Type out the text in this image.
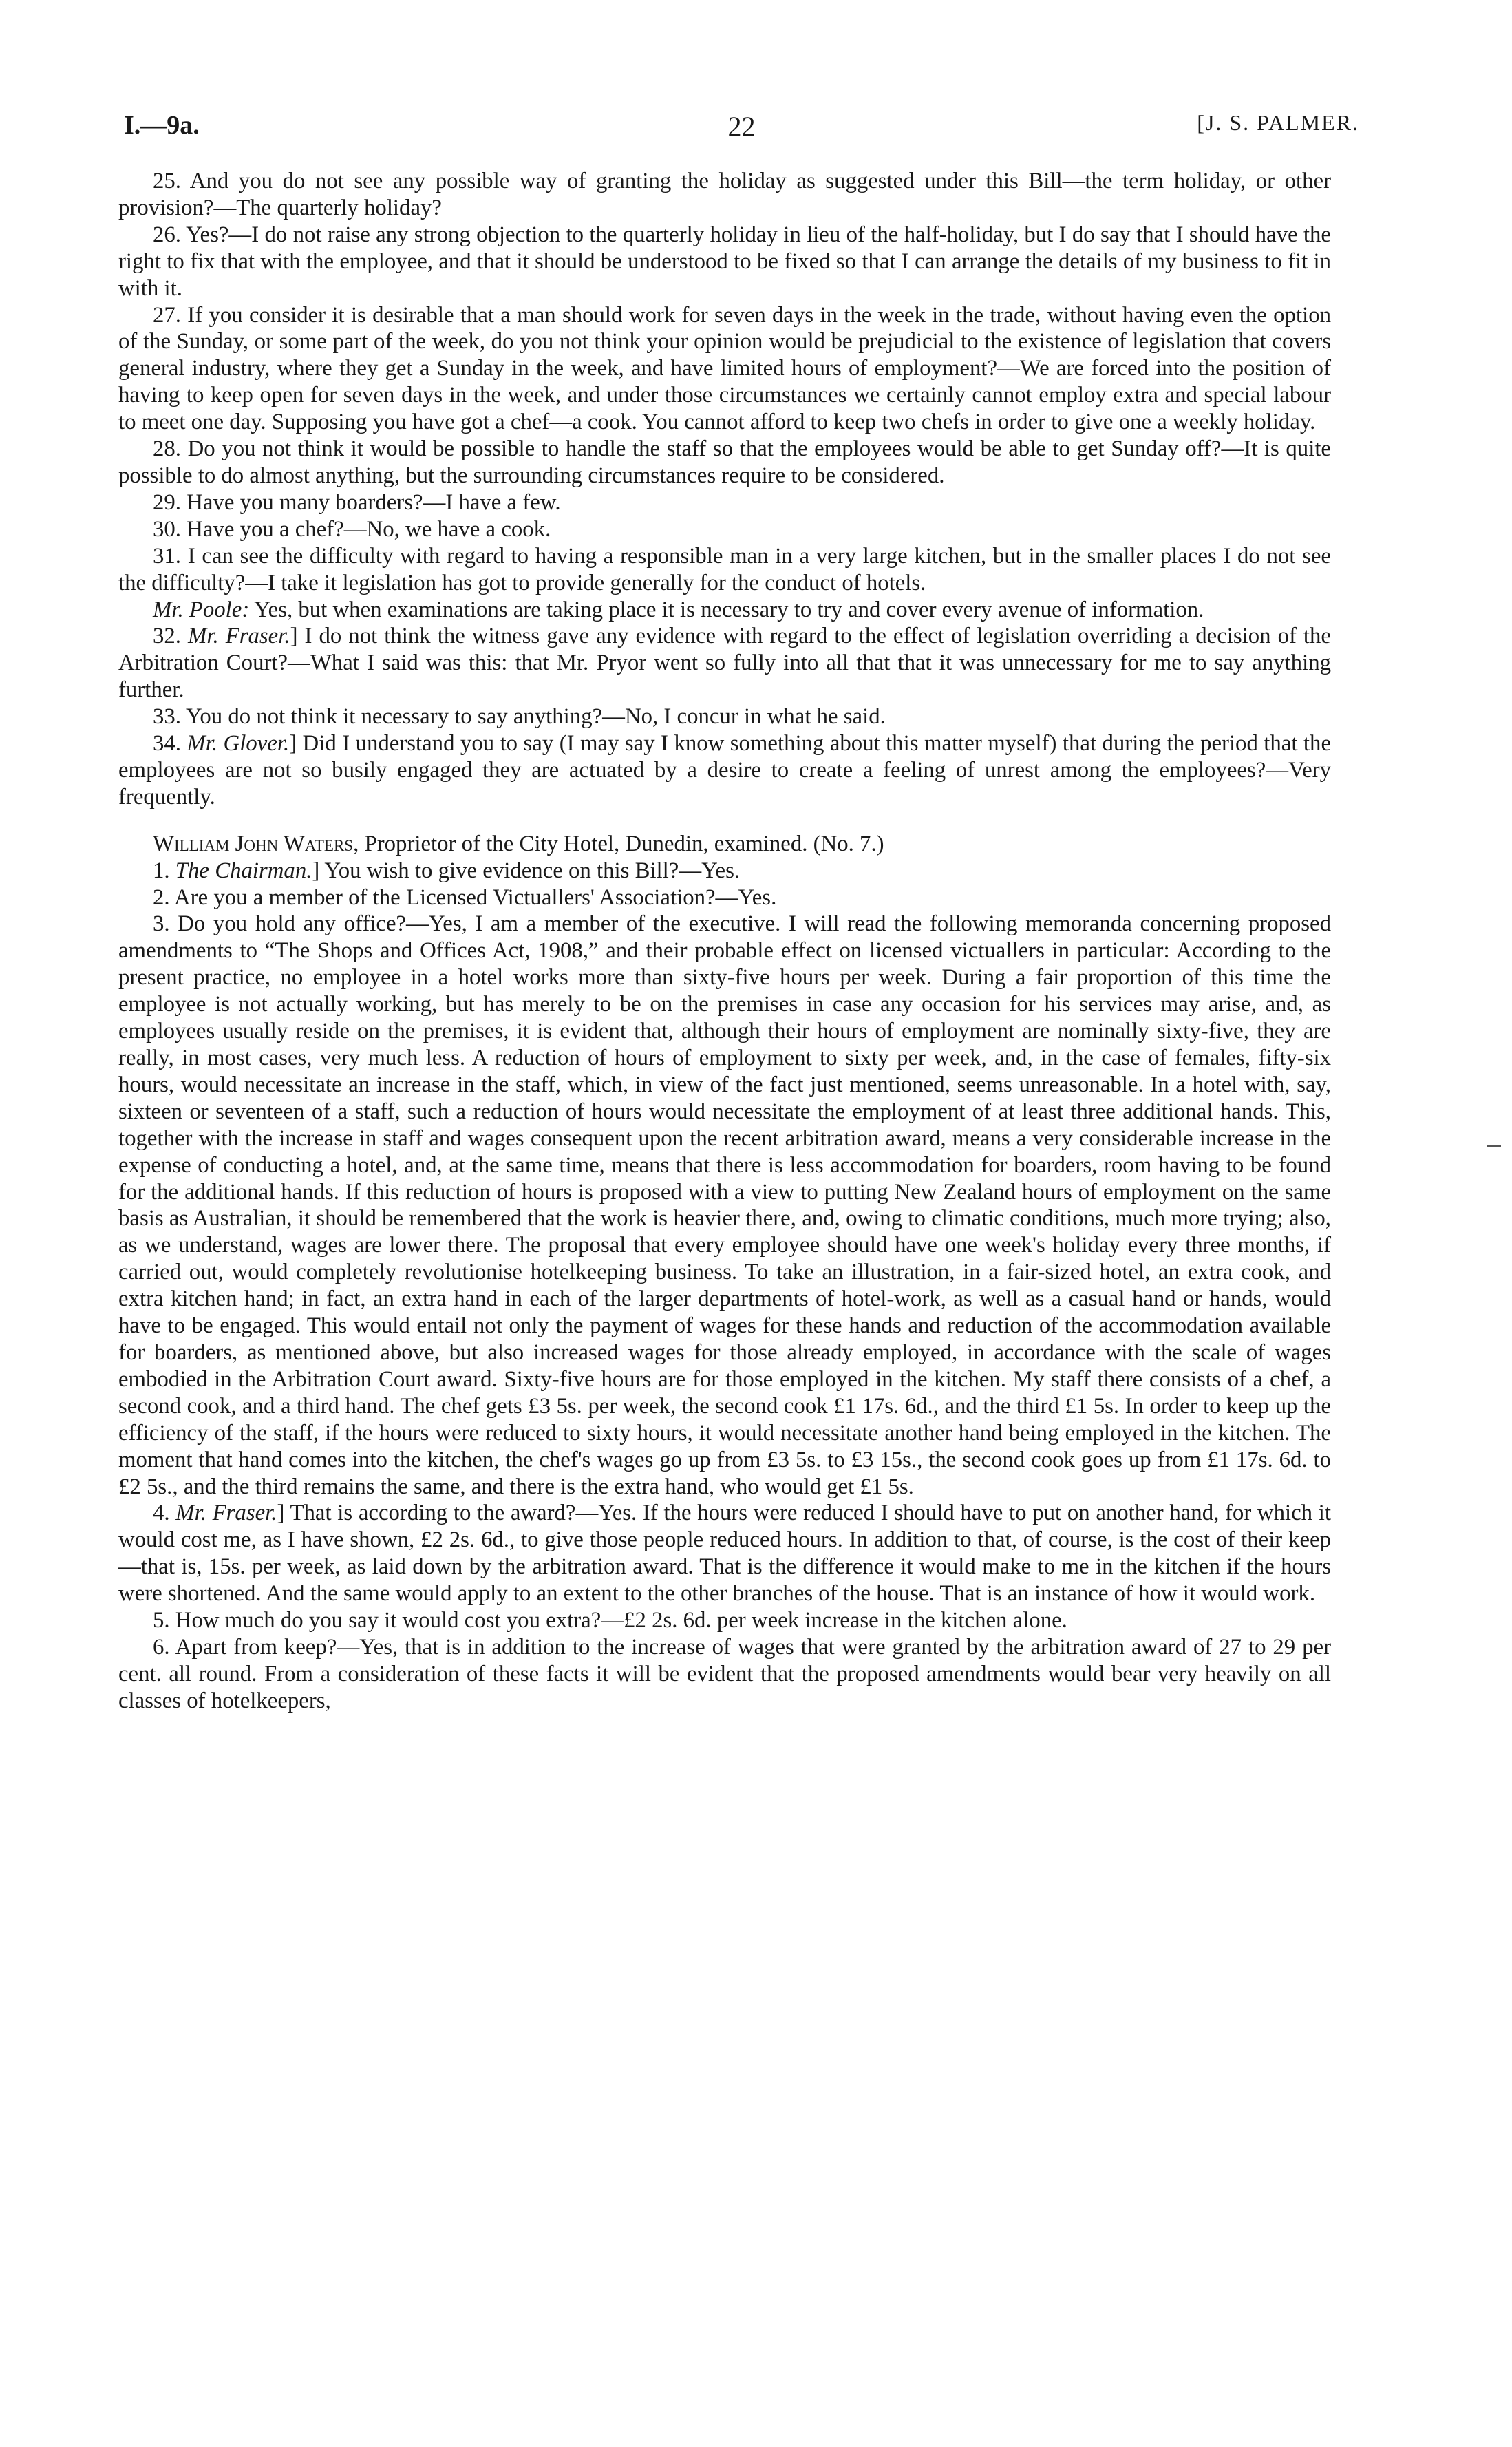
22
I.—9a.	[J. S. PALMER.

25. And you do not see any possible way of granting the holiday as suggested under this Bill—the term holiday, or other provision?—The quarterly holiday?

26. Yes?—I do not raise any strong objection to the quarterly holiday in lieu of the half-holiday, but I do say that I should have the right to fix that with the employee, and that it should be understood to be fixed so that I can arrange the details of my business to fit in with it.

27. If you consider it is desirable that a man should work for seven days in the week in the trade, without having even the option of the Sunday, or some part of the week, do you not think your opinion would be prejudicial to the existence of legislation that covers general industry, where they get a Sunday in the week, and have limited hours of employment?—We are forced into the position of having to keep open for seven days in the week, and under those circumstances we certainly cannot employ extra and special labour to meet one day. Supposing you have got a chef—a cook. You cannot afford to keep two chefs in order to give one a weekly holiday.

28. Do you not think it would be possible to handle the staff so that the employees would be able to get Sunday off?—It is quite possible to do almost anything, but the surrounding circumstances require to be considered.

29. Have you many boarders?—I have a few.

30. Have you a chef?—No, we have a cook.

31. I can see the difficulty with regard to having a responsible man in a very large kitchen, but in the smaller places I do not see the difficulty?—I take it legislation has got to provide generally for the conduct of hotels.

Mr. Poole: Yes, but when examinations are taking place it is necessary to try and cover every avenue of information.

32. Mr. Fraser.] I do not think the witness gave any evidence with regard to the effect of legislation overriding a decision of the Arbitration Court?—What I said was this: that Mr. Pryor went so fully into all that that it was unnecessary for me to say anything further.

33. You do not think it necessary to say anything?—No, I concur in what he said.

34. Mr. Glover.] Did I understand you to say (I may say I know something about this matter myself) that during the period that the employees are not so busily engaged they are actuated by a desire to create a feeling of unrest among the employees?—Very frequently.

William John Waters, Proprietor of the City Hotel, Dunedin, examined. (No. 7.)

1. The Chairman.] You wish to give evidence on this Bill?—Yes.

2. Are you a member of the Licensed Victuallers' Association?—Yes.

3. Do you hold any office?—Yes, I am a member of the executive. I will read the following memoranda concerning proposed amendments to “The Shops and Offices Act, 1908,” and their probable effect on licensed victuallers in particular: According to the present practice, no employee in a hotel works more than sixty-five hours per week. During a fair proportion of this time the employee is not actually working, but has merely to be on the premises in case any occasion for his services may arise, and, as employees usually reside on the premises, it is evident that, although their hours of employment are nominally sixty-five, they are really, in most cases, very much less. A reduction of hours of employment to sixty per week, and, in the case of females, fifty-six hours, would necessitate an increase in the staff, which, in view of the fact just mentioned, seems unreasonable. In a hotel with, say, sixteen or seventeen of a staff, such a reduction of hours would necessitate the employment of at least three additional hands. This, together with the increase in staff and wages consequent upon the recent arbitration award, means a very considerable increase in the expense of conducting a hotel, and, at the same time, means that there is less accommodation for boarders, room having to be found for the additional hands. If this reduction of hours is proposed with a view to putting New Zealand hours of employment on the same basis as Australian, it should be remembered that the work is heavier there, and, owing to climatic conditions, much more trying; also, as we understand, wages are lower there. The proposal that every employee should have one week's holiday every three months, if carried out, would completely revolutionise hotelkeeping business. To take an illustration, in a fair-sized hotel, an extra cook, and extra kitchen hand; in fact, an extra hand in each of the larger departments of hotel-work, as well as a casual hand or hands, would have to be engaged. This would entail not only the payment of wages for these hands and reduction of the accommodation available for boarders, as mentioned above, but also increased wages for those already employed, in accordance with the scale of wages embodied in the Arbitration Court award. Sixty-five hours are for those employed in the kitchen. My staff there consists of a chef, a second cook, and a third hand. The chef gets £3 5s. per week, the second cook £1 17s. 6d., and the third £1 5s. In order to keep up the efficiency of the staff, if the hours were reduced to sixty hours, it would necessitate another hand being employed in the kitchen. The moment that hand comes into the kitchen, the chef's wages go up from £3 5s. to £3 15s., the second cook goes up from £1 17s. 6d. to £2 5s., and the third remains the same, and there is the extra hand, who would get £1 5s.

4. Mr. Fraser.] That is according to the award?—Yes. If the hours were reduced I should have to put on another hand, for which it would cost me, as I have shown, £2 2s. 6d., to give those people reduced hours. In addition to that, of course, is the cost of their keep—that is, 15s. per week, as laid down by the arbitration award. That is the difference it would make to me in the kitchen if the hours were shortened. And the same would apply to an extent to the other branches of the house. That is an instance of how it would work.

5. How much do you say it would cost you extra?—£2 2s. 6d. per week increase in the kitchen alone.

6. Apart from keep?—Yes, that is in addition to the increase of wages that were granted by the arbitration award of 27 to 29 per cent. all round. From a consideration of these facts it will be evident that the proposed amendments would bear very heavily on all classes of hotelkeepers,
